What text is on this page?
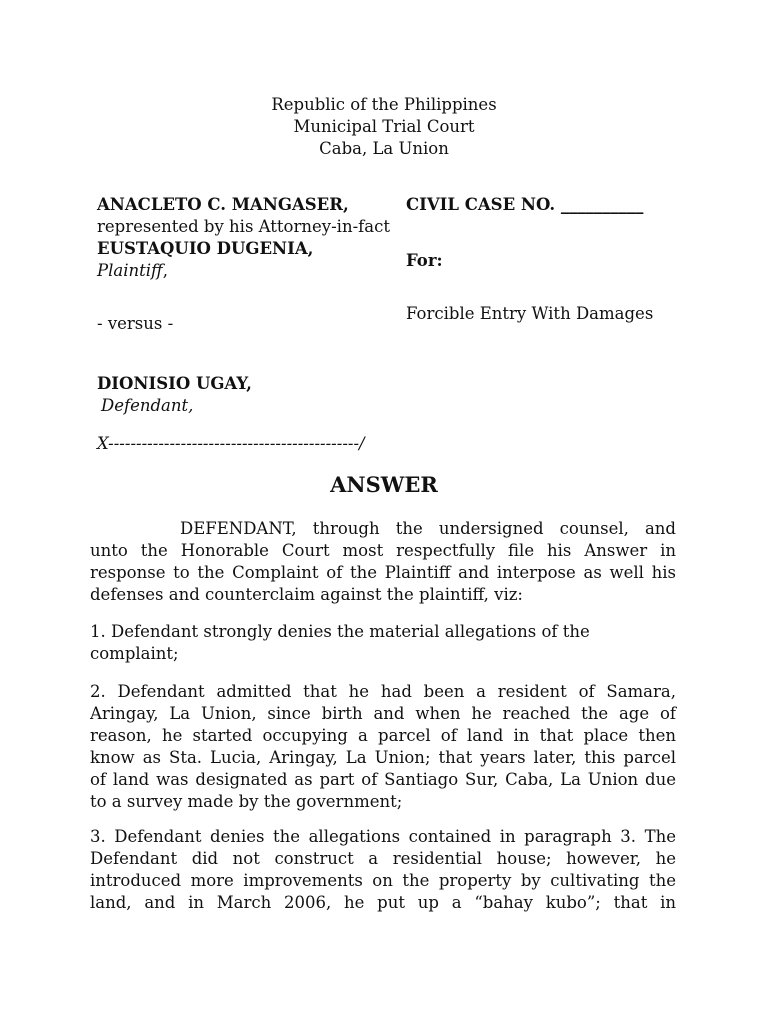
Republic of the Philippines
Municipal Trial Court
Caba, La Union
ANACLETO C. MANGASER,
represented by his Attorney-in-fact
EUSTAQUIO DUGENIA,
Plaintiff,
- versus -
DIONISIO UGAY,
Defendant,
X---------------------------------------------/
CIVIL CASE NO. __________
For:
Forcible Entry With Damages
ANSWER
DEFENDANT, through the undersigned counsel, and
unto the Honorable Court most respectfully file his Answer in
response to the Complaint of the Plaintiff and interpose as well his
defenses and counterclaim against the plaintiff, viz:
1. Defendant strongly denies the material allegations of the
complaint;
2. Defendant admitted that he had been a resident of Samara,
Aringay, La Union, since birth and when he reached the age of
reason, he started occupying a parcel of land in that place then
know as Sta. Lucia, Aringay, La Union; that years later, this parcel
of land was designated as part of Santiago Sur, Caba, La Union due
to a survey made by the government;
3. Defendant denies the allegations contained in paragraph 3. The
Defendant did not construct a residential house; however, he
introduced more improvements on the property by cultivating the
land, and in March 2006, he put up a “bahay kubo”; that in
